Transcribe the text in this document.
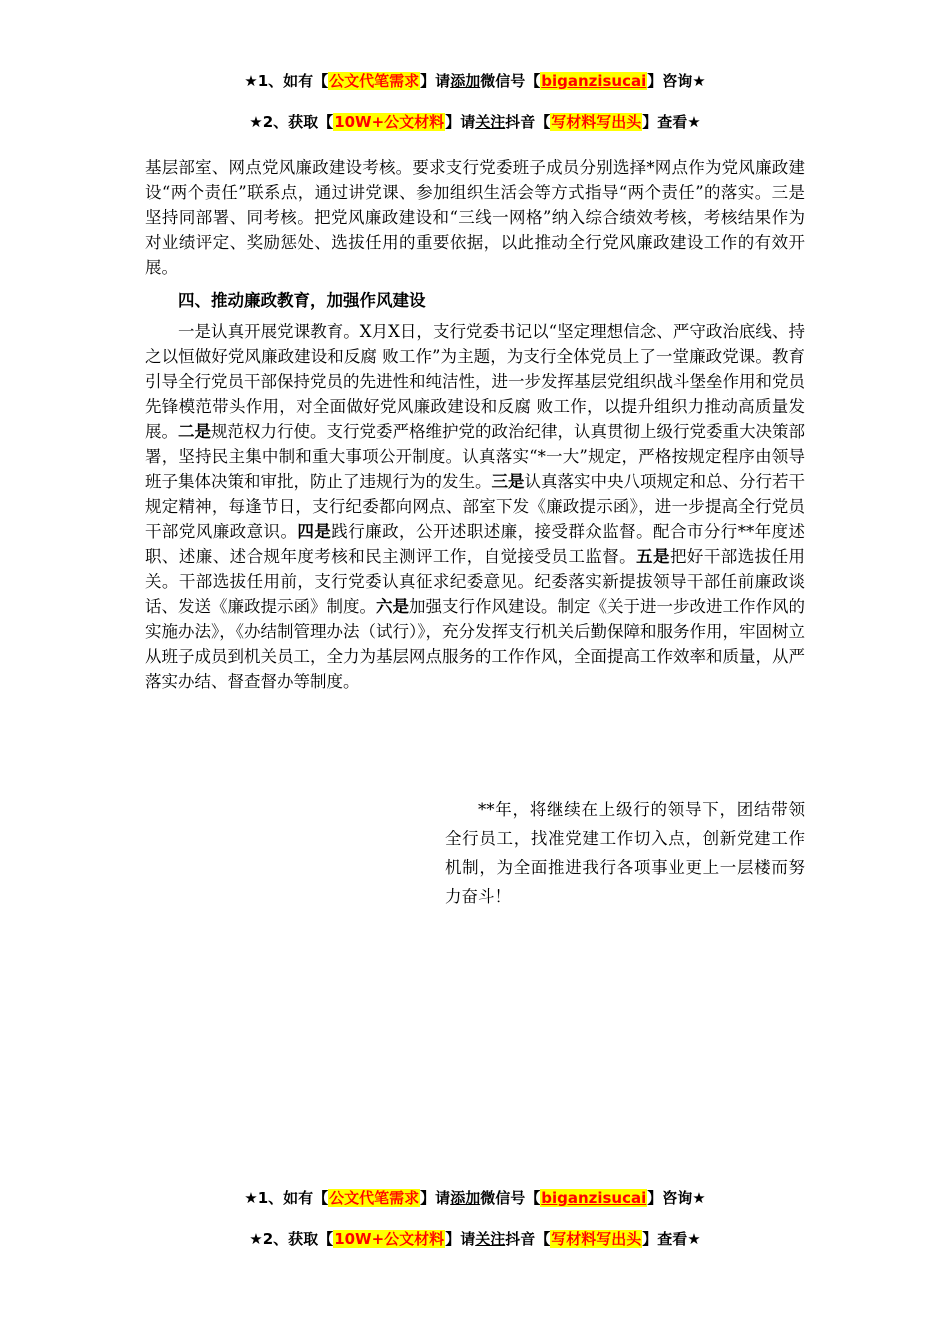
★1、如有【公文代笔需求】请添加微信号【biganzisucai】咨询★
★2、获取【10W+公文材料】请关注抖音【写材料写出头】查看★

基层部室、网点党风廉政建设考核。要求支行党委班子成员分别选择*网点作为党风廉政建设“两个责任”联系点，通过讲党课、参加组织生活会等方式指导“两个责任”的落实。三是坚持同部署、同考核。把党风廉政建设和“三线一网格”纳入综合绩效考核，考核结果作为对业绩评定、奖励惩处、选拔任用的重要依据，以此推动全行党风廉政建设工作的有效开展。

四、推动廉政教育，加强作风建设

一是认真开展党课教育。X月X日，支行党委书记以“坚定理想信念、严守政治底线、持之以恒做好党风廉政建设和反腐 败工作”为主题，为支行全体党员上了一堂廉政党课。教育引导全行党员干部保持党员的先进性和纯洁性，进一步发挥基层党组织战斗堡垒作用和党员先锋模范带头作用，对全面做好党风廉政建设和反腐 败工作，以提升组织力推动高质量发展。二是规范权力行使。支行党委严格维护党的政治纪律，认真贯彻上级行党委重大决策部署，坚持民主集中制和重大事项公开制度。认真落实“*一大”规定，严格按规定程序由领导班子集体决策和审批，防止了违规行为的发生。三是认真落实中央八项规定和总、分行若干规定精神，每逢节日，支行纪委都向网点、部室下发《廉政提示函》，进一步提高全行党员干部党风廉政意识。四是践行廉政，公开述职述廉，接受群众监督。配合市分行**年度述职、述廉、述合规年度考核和民主测评工作，自觉接受员工监督。五是把好干部选拔任用关。干部选拔任用前，支行党委认真征求纪委意见。纪委落实新提拔领导干部任前廉政谈话、发送《廉政提示函》制度。六是加强支行作风建设。制定《关于进一步改进工作作风的实施办法》，《办结制管理办法（试行）》，充分发挥支行机关后勤保障和服务作用，牢固树立从班子成员到机关员工，全力为基层网点服务的工作作风，全面提高工作效率和质量，从严落实办结、督查督办等制度。

**年，将继续在上级行的领导下，团结带领全行员工，找准党建工作切入点，创新党建工作机制，为全面推进我行各项事业更上一层楼而努力奋斗！

★1、如有【公文代笔需求】请添加微信号【biganzisucai】咨询★
★2、获取【10W+公文材料】请关注抖音【写材料写出头】查看★
